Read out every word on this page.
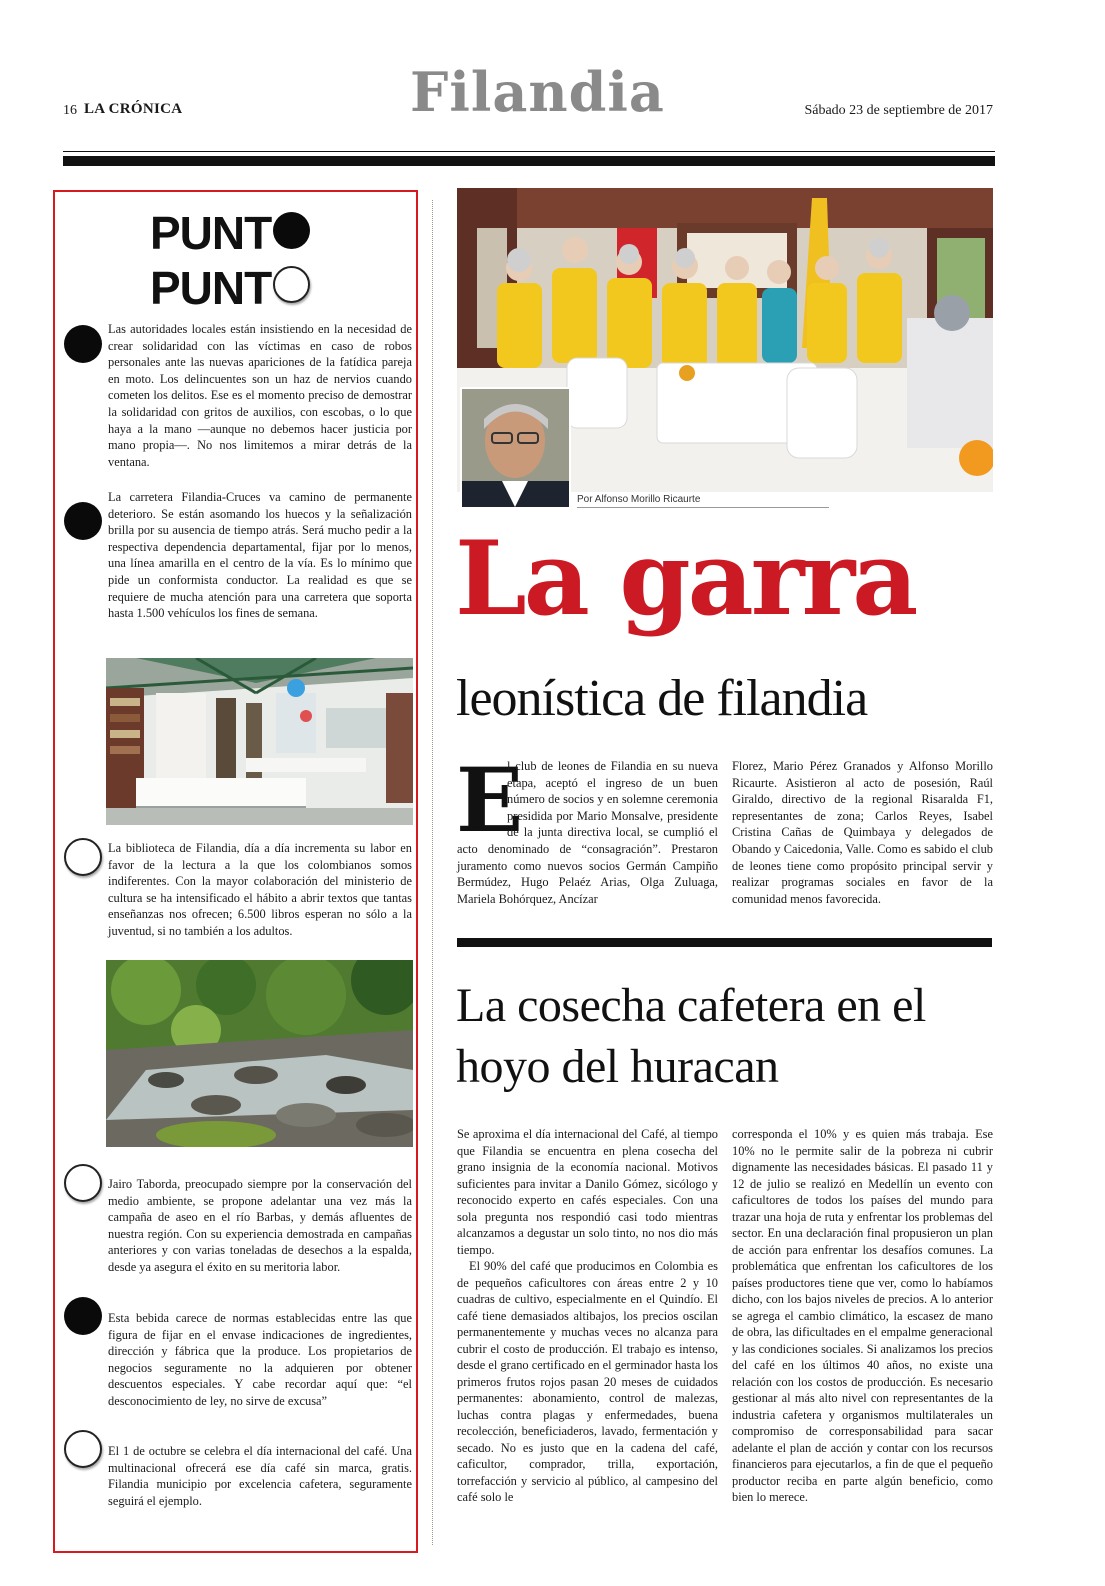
16 LA CRÓNICA	Filandia	Sábado 23 de septiembre de 2017
PUNT
PUNT
Las autoridades locales están insistiendo en la necesidad de crear solidaridad con las víctimas en caso de robos personales ante las nuevas apariciones de la fatídica pareja en moto. Los delincuentes son un haz de nervios cuando cometen los delitos. Ese es el momento preciso de demostrar la solidaridad con gritos de auxilios, con escobas, o lo que haya a la mano —aunque no debemos hacer justicia por mano propia—. No nos limitemos a mirar detrás de la ventana.
La carretera Filandia-Cruces va camino de permanente deterioro. Se están asomando los huecos y la señalización brilla por su ausencia de tiempo atrás. Será mucho pedir a la respectiva dependencia departamental, fijar por lo menos, una línea amarilla en el centro de la vía. Es lo mínimo que pide un conformista conductor. La realidad es que se requiere de mucha atención para una carretera que soporta hasta 1.500 vehículos los fines de semana.
La biblioteca de Filandia, día a día incrementa su labor en favor de la lectura a la que los colombianos somos indiferentes. Con la mayor colaboración del ministerio de cultura se ha intensificado el hábito a abrir textos que tantas enseñanzas nos ofrecen; 6.500 libros esperan no sólo a la juventud, si no también a los adultos.
Jairo Taborda, preocupado siempre por la conservación del medio ambiente, se propone adelantar una vez más la campaña de aseo en el río Barbas, y demás afluentes de nuestra región. Con su experiencia demostrada en campañas anteriores y con varias toneladas de desechos a la espalda, desde ya asegura el éxito en su meritoria labor.
Esta bebida carece de normas establecidas entre las que figura de fijar en el envase indicaciones de ingredientes, dirección y fábrica que la produce. Los propietarios de negocios seguramente no la adquieren por obtener descuentos especiales. Y cabe recordar aquí que: “el desconocimiento de ley, no sirve de excusa”
El 1 de octubre se celebra el día internacional del café. Una multinacional ofrecerá ese día café sin marca, gratis. Filandia municipio por excelencia cafetera, seguramente seguirá el ejemplo.
Por Alfonso Morillo Ricaurte
La garra
leonística de filandia
E
l club de leones de Filandia en su nueva etapa, aceptó el ingreso de un buen número de socios y en solemne ceremonia presidida por Mario Monsalve, presidente de la junta directiva local, se cumplió el acto denominado de “consagración”. Prestaron juramento como nuevos socios Germán Campiño Bermúdez, Hugo Pelaéz Arias, Olga Zuluaga, Mariela Bohórquez, Ancízar
Florez, Mario Pérez Granados y Alfonso Morillo Ricaurte. Asistieron al acto de posesión, Raúl Giraldo, directivo de la regional Risaralda F1, representantes de zona; Carlos Reyes, Isabel Cristina Cañas de Quimbaya y delegados de Obando y Caicedonia, Valle. Como es sabido el club de leones tiene como propósito principal servir y realizar programas sociales en favor de la comunidad menos favorecida.
La cosecha cafetera en el hoyo del huracan

Se aproxima el día internacional del Café, al tiempo que Filandia se encuentra en plena cosecha del grano insignia de la economía nacional. Motivos suficientes para invitar a Danilo Gómez, sicólogo y reconocido experto en cafés especiales. Con una sola pregunta nos respondió casi todo mientras alcanzamos a degustar un solo tinto, no nos dio más tiempo.

El 90% del café que producimos en Colombia es de pequeños caficultores con áreas entre 2 y 10 cuadras de cultivo, especialmente en el Quindío. El café tiene demasiados altibajos, los precios oscilan permanentemente y muchas veces no alcanza para cubrir el costo de producción. El trabajo es intenso, desde el grano certificado en el germinador hasta los primeros frutos rojos pasan 20 meses de cuidados permanentes: abonamiento, control de malezas, luchas contra plagas y enfermedades, buena recolección, beneficiaderos, lavado, fermentación y secado. No es justo que en la cadena del café, caficultor, comprador, trilla, exportación, torrefacción y servicio al público, al campesino del café solo le

corresponda el 10% y es quien más trabaja. Ese 10% no le permite salir de la pobreza ni cubrir dignamente las necesidades básicas. El pasado 11 y 12 de julio se realizó en Medellín un evento con caficultores de todos los países del mundo para trazar una hoja de ruta y enfrentar los problemas del sector. En una declaración final propusieron un plan de acción para enfrentar los desafíos comunes. La problemática que enfrentan los caficultores de los países productores tiene que ver, como lo habíamos dicho, con los bajos niveles de precios. A lo anterior se agrega el cambio climático, la escasez de mano de obra, las dificultades en el empalme generacional y las condiciones sociales. Si analizamos los precios del café en los últimos 40 años, no existe una relación con los costos de producción. Es necesario gestionar al más alto nivel con representantes de la industria cafetera y organismos multilaterales un compromiso de corresponsabilidad para sacar adelante el plan de acción y contar con los recursos financieros para ejecutarlos, a fin de que el pequeño productor reciba en parte algún beneficio, como bien lo merece.
